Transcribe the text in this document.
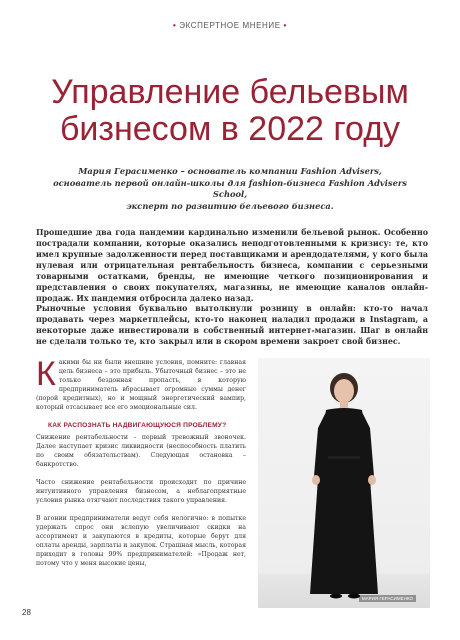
• ЭКСПЕРТНОЕ МНЕНИЕ •
Управление бельевым
бизнесом в 2022 году
Мария Герасименко – основатель компании Fashion Advisers,
основатель первой онлайн-школы для fashion-бизнеса Fashion Advisers School,
эксперт по развитию бельевого бизнеса.

Прошедшие два года пандемии кардинально изменили бельевой рынок. Особенно пострадали компании, которые оказались неподготовленными к кризису: те, кто имел крупные задолженности перед поставщиками и арендодателями, у кого была нулевая или отрицательная рентабельность бизнеса, компании с серьезными товарными остатками, бренды, не имеющие четкого позиционирования и представления о своих покупателях, магазины, не имеющие каналов онлайн-продаж. Их пандемия отбросила далеко назад.

Рыночные условия буквально вытолкнули розницу в онлайн: кто-то начал продавать через маркетплейсы, кто-то наконец наладил продажи в Instagram, а некоторые даже инвестировали в собственный интернет-магазин. Шаг в онлайн не сделали только те, кто закрыл или в скором времени закроет свой бизнес.

Какими бы ни были внешние условия, помните: главная цель бизнеса – это прибыль. Убыточный бизнес – это не только бездонная пропасть, в которую предприниматель вбрасывает огромные суммы денег (порой кредитных), но и мощный энергетический вампир, который отсасывает все его эмоциональные сил.

КАК РАСПОЗНАТЬ НАДВИГАЮЩУЮСЯ ПРОБЛЕМУ?

Снижение рентабельности – первый тревожный звоночек. Далее наступает кризис ликвидности (неспособность платить по своим обязательствам). Следующая остановка – банкротство.

Часто снижение рентабельности происходит по причине интуитивного управления бизнесом, а неблагоприятные условия рынка отягчают последствия такого управления.

В агонии предприниматели ведут себя нелогично: в попытке удержать спрос они вслепую увеличивают скидки на ассортимент и закупаются в кредиты, которые берут для оплаты аренды, зарплаты и закупок. Страшная мысль, которая приходит в головы 99% предпринимателей: «Продаж нет, потому что у меня высокие цены,

МАРИЯ ГЕРАСИМЕНКО
28
